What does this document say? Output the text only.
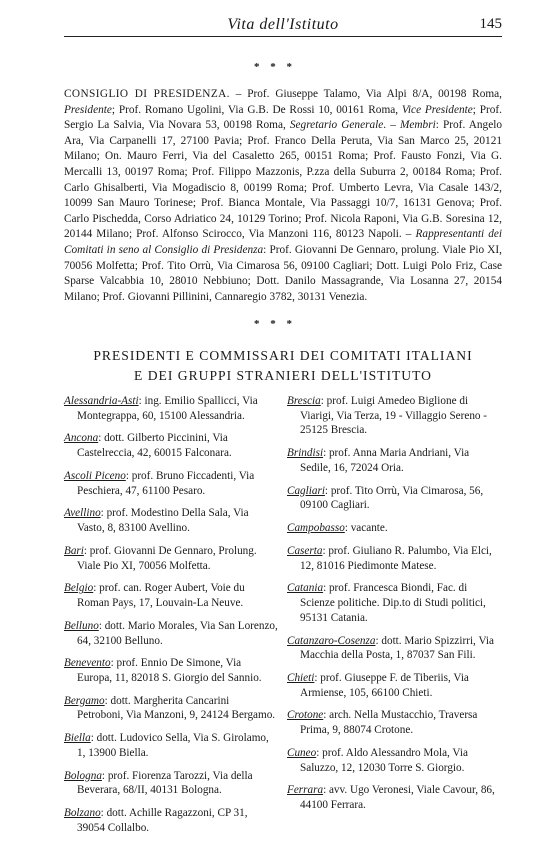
Vita dell'Istituto	145
* * *
CONSIGLIO DI PRESIDENZA. – Prof. Giuseppe Talamo, Via Alpi 8/A, 00198 Roma, Presidente; Prof. Romano Ugolini, Via G.B. De Rossi 10, 00161 Roma, Vice Presidente; Prof. Sergio La Salvia, Via Novara 53, 00198 Roma, Segretario Generale. – Membri: Prof. Angelo Ara, Via Carpanelli 17, 27100 Pavia; Prof. Franco Della Peruta, Via San Marco 25, 20121 Milano; On. Mauro Ferri, Via del Casaletto 265, 00151 Roma; Prof. Fausto Fonzi, Via G. Mercalli 13, 00197 Roma; Prof. Filippo Mazzonis, P.zza della Suburra 2, 00184 Roma; Prof. Carlo Ghisalberti, Via Mogadiscio 8, 00199 Roma; Prof. Umberto Levra, Via Casale 143/2, 10099 San Mauro Torinese; Prof. Bianca Montale, Via Passaggi 10/7, 16131 Genova; Prof. Carlo Pischedda, Corso Adriatico 24, 10129 Torino; Prof. Nicola Raponi, Via G.B. Soresina 12, 20144 Milano; Prof. Alfonso Scirocco, Via Manzoni 116, 80123 Napoli. – Rappresentanti dei Comitati in seno al Consiglio di Presidenza: Prof. Giovanni De Gennaro, prolung. Viale Pio XI, 70056 Molfetta; Prof. Tito Orrù, Via Cimarosa 56, 09100 Cagliari; Dott. Luigi Polo Friz, Case Sparse Valcabbia 10, 28010 Nebbiuno; Dott. Danilo Massagrande, Via Losanna 27, 20154 Milano; Prof. Giovanni Pillinini, Cannaregio 3782, 30131 Venezia.
* * *
PRESIDENTI E COMMISSARI DEI COMITATI ITALIANI
E DEI GRUPPI STRANIERI DELL'ISTITUTO
Alessandria-Asti: ing. Emilio Spallicci, Via Montegrappa, 60, 15100 Alessandria.
Ancona: dott. Gilberto Piccinini, Via Castelreccia, 42, 60015 Falconara.
Ascoli Piceno: prof. Bruno Ficcadenti, Via Peschiera, 47, 61100 Pesaro.
Avellino: prof. Modestino Della Sala, Via Vasto, 8, 83100 Avellino.
Bari: prof. Giovanni De Gennaro, Prolung. Viale Pio XI, 70056 Molfetta.
Belgio: prof. can. Roger Aubert, Voie du Roman Pays, 17, Louvain-La Neuve.
Belluno: dott. Mario Morales, Via San Lorenzo, 64, 32100 Belluno.
Benevento: prof. Ennio De Simone, Via Europa, 11, 82018 S. Giorgio del Sannio.
Bergamo: dott. Margherita Cancarini Petroboni, Via Manzoni, 9, 24124 Bergamo.
Biella: dott. Ludovico Sella, Via S. Girolamo, 1, 13900 Biella.
Bologna: prof. Fiorenza Tarozzi, Via della Beverara, 68/II, 40131 Bologna.
Bolzano: dott. Achille Ragazzoni, CP 31, 39054 Collalbo.
Brescia: prof. Luigi Amedeo Biglione di Viarigi, Via Terza, 19 - Villaggio Sereno - 25125 Brescia.
Brindisi: prof. Anna Maria Andriani, Via Sedile, 16, 72024 Oria.
Cagliari: prof. Tito Orrù, Via Cimarosa, 56, 09100 Cagliari.
Campobasso: vacante.
Caserta: prof. Giuliano R. Palumbo, Via Elci, 12, 81016 Piedimonte Matese.
Catania: prof. Francesca Biondi, Fac. di Scienze politiche. Dip.to di Studi politici, 95131 Catania.
Catanzaro-Cosenza: dott. Mario Spizzirri, Via Macchia della Posta, 1, 87037 San Fili.
Chieti: prof. Giuseppe F. de Tiberiis, Via Armiense, 105, 66100 Chieti.
Crotone: arch. Nella Mustacchio, Traversa Prima, 9, 88074 Crotone.
Cuneo: prof. Aldo Alessandro Mola, Via Saluzzo, 12, 12030 Torre S. Giorgio.
Ferrara: avv. Ugo Veronesi, Viale Cavour, 86, 44100 Ferrara.
